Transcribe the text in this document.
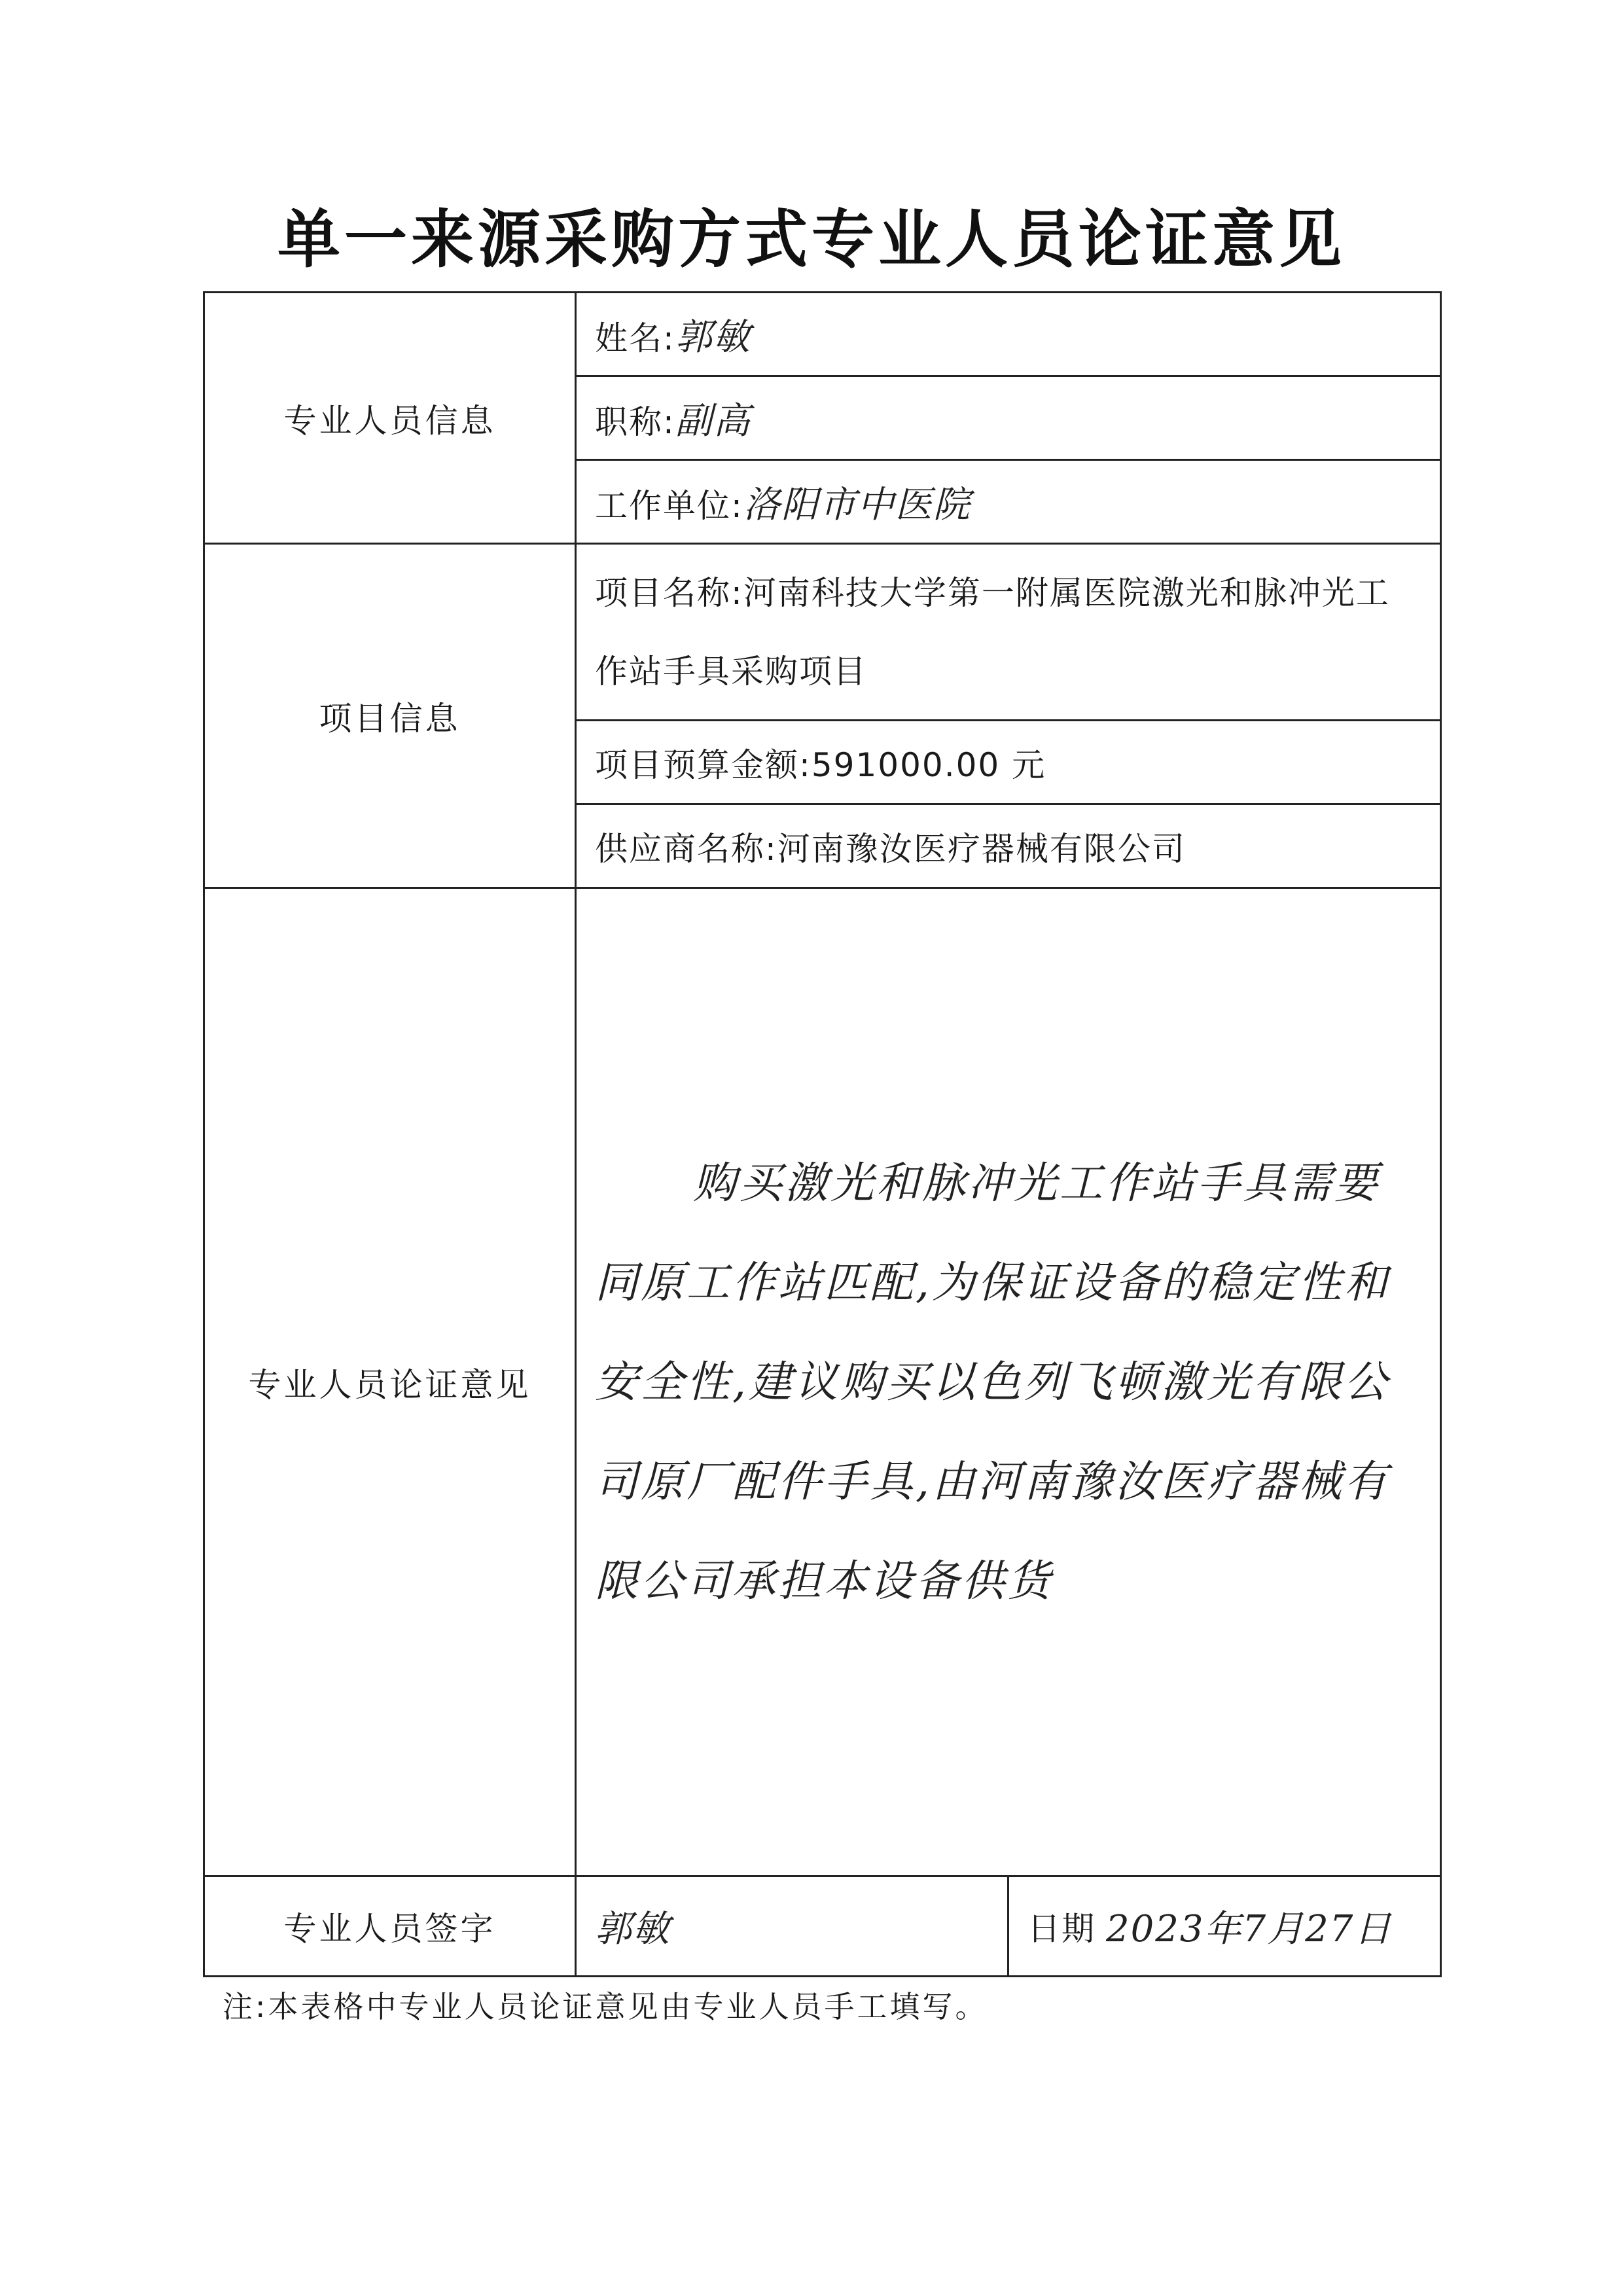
单一来源采购方式专业人员论证意见
专业人员信息	姓名:郭敏	
	职称:副高	
	工作单位:洛阳市中医院	
项目信息	项目名称:河南科技大学第一附属医院激光和脉冲光工作站手具采购项目	
	项目预算金额:591000.00 元	
	供应商名称:河南豫汝医疗器械有限公司	
专业人员论证意见	购买激光和脉冲光工作站手具需要同原工作站匹配,为保证设备的稳定性和安全性,建议购买以色列飞顿激光有限公司原厂配件手具,由河南豫汝医疗器械有限公司承担本设备供货	

专业人员签字	郭敏	日期 2023年7月27日
注:本表格中专业人员论证意见由专业人员手工填写。
